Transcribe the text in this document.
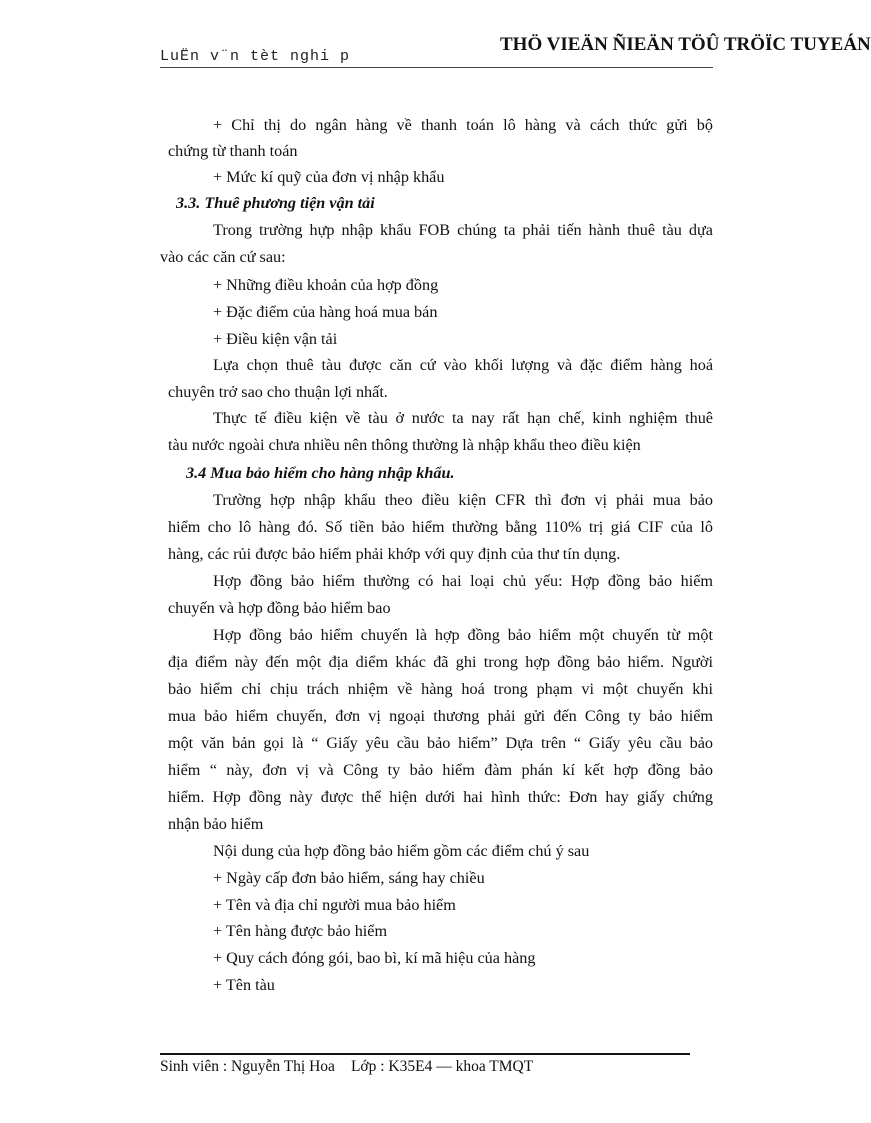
LuËn v¨n tèt nghi p
THÖ VIEÄN ÑIEÄN TÖÛ TRÖÏC TUYEÁN
+ Chỉ thị do ngân hàng về thanh toán lô hàng và cách thức gửi bộ
chứng từ thanh toán
+ Mức kí quỹ của đơn vị nhập khẩu
3.3. Thuê phương tiện vận tải
Trong trường hựp nhập khẩu FOB chúng ta phải tiến hành thuê tàu dựa
vào các căn cứ sau:
+ Những điều khoản của hợp đồng
+ Đặc điểm của hàng hoá mua bán
+ Điều kiện vận tải
Lựa chọn thuê tàu được căn cứ vào khối lượng và đặc điểm hàng hoá
chuyên trở sao cho thuận lợi nhất.
Thực tế điều kiện về tàu ở nước ta nay rất hạn chế, kinh nghiệm thuê
tàu nước ngoài chưa nhiều nên thông thường là nhập khẩu theo điều kiện
3.4 Mua bảo hiểm cho hàng nhập khẩu.
Trường hợp nhập khẩu theo điều kiện CFR thì đơn vị phải mua bảo
hiểm cho lô hàng đó. Số tiền bảo hiểm thường bằng 110% trị giá CIF của lô
hàng, các rủi được bảo hiểm phải khớp với quy định của thư tín dụng.
Hợp đồng bảo hiểm thường có hai loại chủ yếu: Hợp đồng bảo hiểm
chuyến và hợp đồng bảo hiểm bao
Hợp đồng bảo hiểm chuyến là hợp đồng bảo hiểm một chuyến từ một
địa điểm này đến một địa diểm khác đã ghi trong hợp đồng bảo hiểm. Người
bảo hiểm chỉ chịu trách nhiệm về hàng hoá trong phạm vi một chuyến khi
mua bảo hiểm chuyến, đơn vị ngoại thương phải gửi đến Công ty bảo hiểm
một văn bản gọi là “ Giấy yêu cầu bảo hiểm” Dựa trên “ Giấy yêu cầu bảo
hiểm “ này, đơn vị và Công ty bảo hiểm đàm phán kí kết hợp đồng bảo
hiểm. Hợp đồng này được thể hiện dưới hai hình thức: Đơn hay giấy chứng
nhận bảo hiểm
Nội dung của hợp đồng bảo hiểm gồm các điểm chú ý sau
+ Ngày cấp đơn bảo hiểm, sáng hay chiều
+ Tên và địa chỉ người mua bảo hiểm
+ Tên hàng được bảo hiểm
+ Quy cách đóng gói, bao bì, kí mã hiệu của hàng
+ Tên tàu
Sinh viên : Nguyễn Thị Hoa Lớp : K35E4 — khoa TMQT
